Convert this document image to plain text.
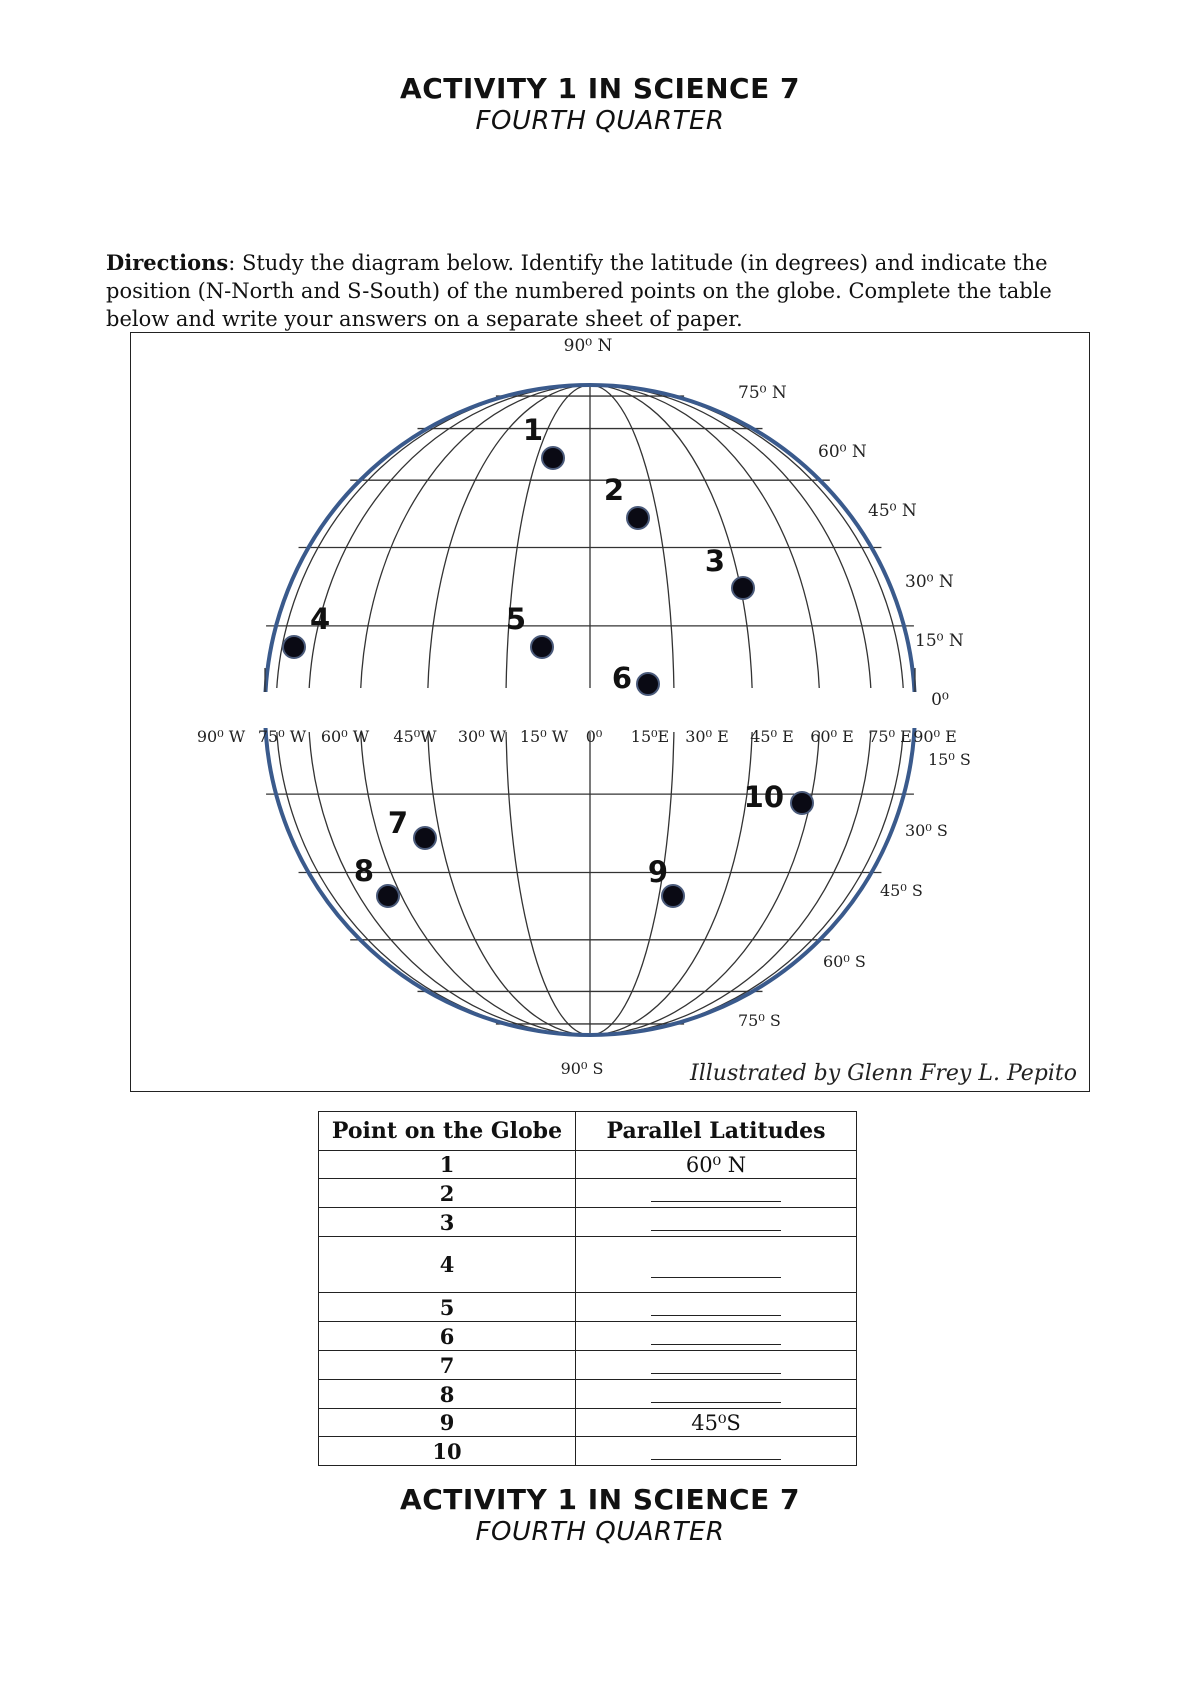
ACTIVITY 1 IN SCIENCE 7
FOURTH QUARTER
Directions: Study the diagram below. Identify the latitude (in degrees) and indicate the position (N-North and S-South) of the numbered points on the globe. Complete the table below and write your answers on a separate sheet of paper.
90⁰ N
75⁰ N
60⁰ N
45⁰ N
30⁰ N
15⁰ N
0⁰
15⁰ S
30⁰ S
45⁰ S
60⁰ S
75⁰ S
90⁰ S
90⁰ W 75⁰ W 60⁰ W 45⁰W 30⁰ W 15⁰ W 0⁰ 15⁰E 30⁰ E 45⁰ E 60⁰ E 75⁰ E 90⁰ E
1
2
3
4	5
6
7
8	9
10
Illustrated by Glenn Frey L. Pepito
Point on the Globe	Parallel Latitudes
1	60⁰ N
2	
3	
4	
5	
6	
7	
8	
9	45⁰S
10	
ACTIVITY 1 IN SCIENCE 7
FOURTH QUARTER
